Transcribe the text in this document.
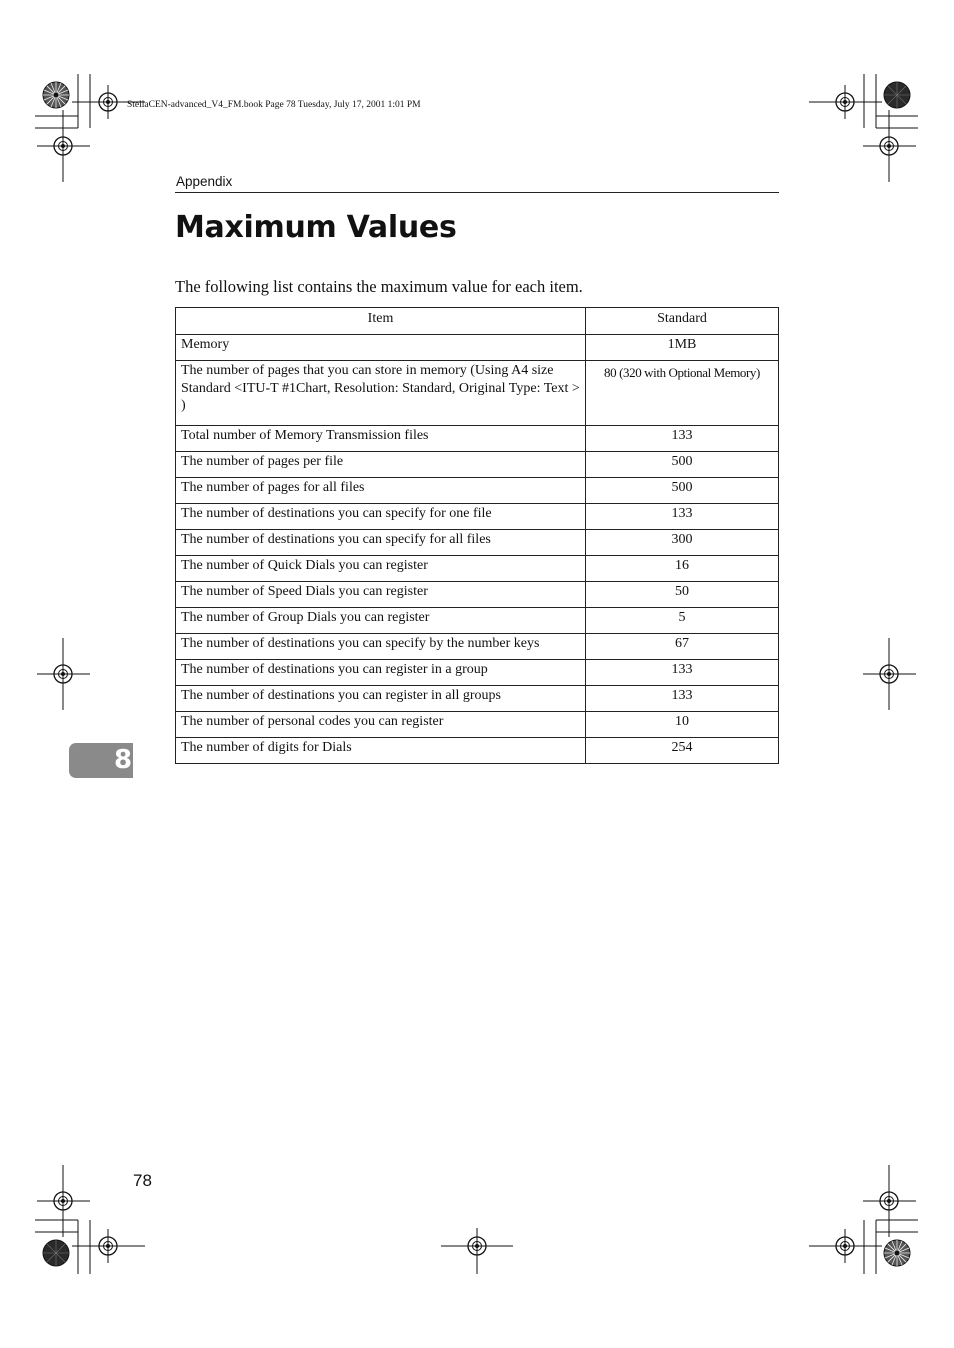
StellaCEN-advanced_V4_FM.book Page 78 Tuesday, July 17, 2001 1:01 PM
Appendix
Maximum Values

The following list contains the maximum value for each item.

Item	Standard
Memory	1MB
The number of pages that you can store in memory (Using A4 size Standard <ITU-T #1Chart, Resolution: Standard, Original Type: Text > )	80 (320 with Optional Memory)
Total number of Memory Transmission files	133
The number of pages per file	500
The number of pages for all files	500
The number of destinations you can specify for one file	133
The number of destinations you can specify for all files	300
The number of Quick Dials you can register	16
The number of Speed Dials you can register	50
The number of Group Dials you can register	5
The number of destinations you can specify by the number keys	67
The number of destinations you can register in a group	133
The number of destinations you can register in all groups	133
The number of personal codes you can register	10
The number of digits for Dials	254
8
78
